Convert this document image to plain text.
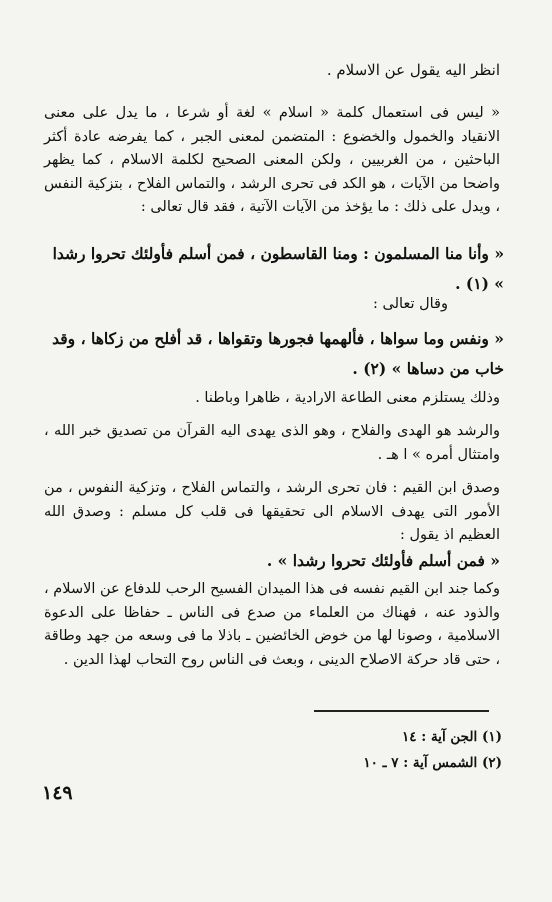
انظر اليه يقول عن الاسلام .
« ليس فى استعمال كلمة « اسلام » لغة أو شرعا ، ما يدل على معنى الانقياد والخمول والخضوع : المتضمن لمعنى الجبر ، كما يفرضه عادة أكثر الباحثين ، من الغربيين ، ولكن المعنى الصحيح لكلمة الاسلام ، كما يظهر واضحا من الآيات ، هو الكد فى تحرى الرشد ، والتماس الفلاح ، بتزكية النفس ، ويدل على ذلك : ما يؤخذ من الآيات الآتية ، فقد قال تعالى :
« وأنا منا المسلمون : ومنا القاسطون ، فمن أسلم فأولئك تحروا رشدا » (١) .
وقال تعالى :
« ونفس وما سواها ، فألهمها فجورها وتقواها ، قد أفلح من زكاها ، وقد خاب من دساها » (٢) .
وذلك يستلزم معنى الطاعة الارادية ، ظاهرا وباطنا .
والرشد هو الهدى والفلاح ، وهو الذى يهدى اليه القرآن من تصديق خبر الله ، وامتثال أمره » ا هـ .
وصدق ابن القيم : فان تحرى الرشد ، والتماس الفلاح ، وتزكية النفوس ، من الأمور التى يهدف الاسلام الى تحقيقها فى قلب كل مسلم : وصدق الله العظيم اذ يقول :
« فمن أسلم فأولئك تحروا رشدا » .
وكما جند ابن القيم نفسه فى هذا الميدان الفسيح الرحب للدفاع عن الاسلام ، والذود عنه ، فهناك من العلماء من صدع فى الناس ـ حفاظا على الدعوة الاسلامية ، وصونا لها من خوض الخائضين ـ باذلا ما فى وسعه من جهد وطاقة ، حتى قاد حركة الاصلاح الدينى ، وبعث فى الناس روح التحاب لهذا الدين .
(١) الجن آية : ١٤
(٢) الشمس آية : ٧ ـ ١٠
١٤٩
